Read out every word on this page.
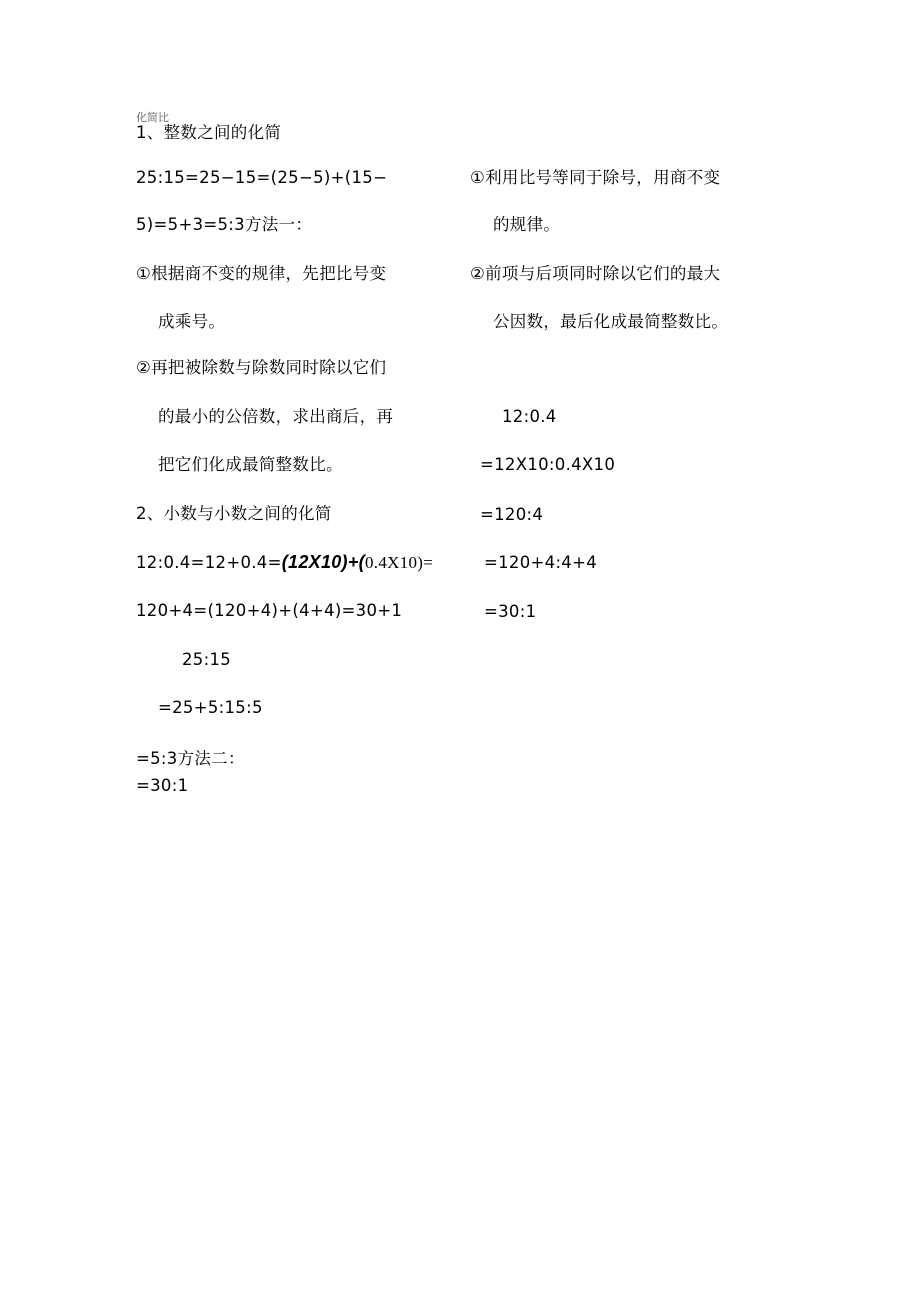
化简比
1、整数之间的化简
25:15=25−15=(25−5)+(15−
5)=5+3=5:3方法一：
①根据商不变的规律，先把比号变
成乘号。
②再把被除数与除数同时除以它们
的最小的公倍数，求出商后，再
把它们化成最简整数比。
2、小数与小数之间的化简
12:0.4=12+0.4=(12X10)+(0.4X10)=
120+4=(120+4)+(4+4)=30+1
25:15
=25+5:15:5
=5:3方法二：
=30:1
①利用比号等同于除号，用商不变
的规律。
②前项与后项同时除以它们的最大
公因数，最后化成最简整数比。
12:0.4
=12X10:0.4X10
=120:4
=120+4:4+4
=30:1
